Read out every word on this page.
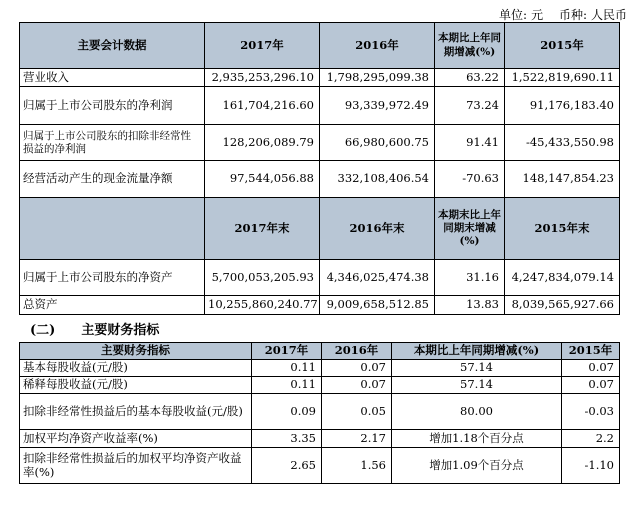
单位: 元 币种: 人民币
主要会计数据	2017年	2016年	本期比上年同期增减(%)	2015年
营业收入	2,935,253,296.10	1,798,295,099.38	63.22	1,522,819,690.11
归属于上市公司股东的净利润	161,704,216.60	93,339,972.49	73.24	91,176,183.40
归属于上市公司股东的扣除非经常性损益的净利润	128,206,089.79	66,980,600.75	91.41	-45,433,550.98
经营活动产生的现金流量净额	97,544,056.88	332,108,406.54	-70.63	148,147,854.23
	2017年末	2016年末	本期末比上年同期末增减(%)	2015年末
归属于上市公司股东的净资产	5,700,053,205.93	4,346,025,474.38	31.16	4,247,834,079.14
总资产	10,255,860,240.77	9,009,658,512.85	13.83	8,039,565,927.66
(二) 主要财务指标
主要财务指标	2017年	2016年	本期比上年同期增减(%)	2015年
基本每股收益(元/股)	0.11	0.07	57.14	0.07
稀释每股收益(元/股)	0.11	0.07	57.14	0.07
扣除非经常性损益后的基本每股收益(元/股)	0.09	0.05	80.00	-0.03
加权平均净资产收益率(%)	3.35	2.17	增加1.18个百分点	2.2
扣除非经常性损益后的加权平均净资产收益率(%)	2.65	1.56	增加1.09个百分点	-1.10
